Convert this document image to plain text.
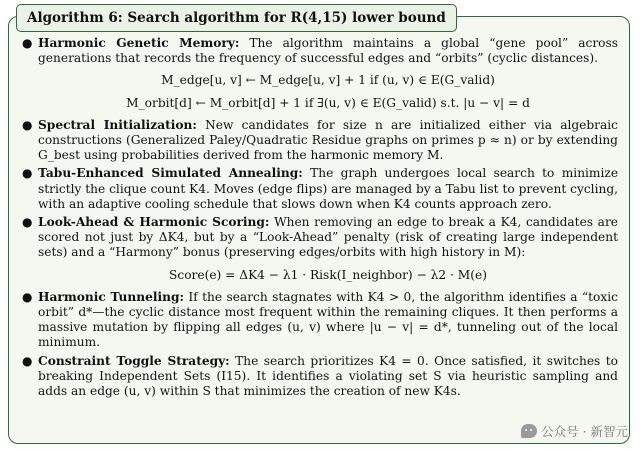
Algorithm 6: Search algorithm for R(4,15) lower bound
● Harmonic Genetic Memory: The algorithm maintains a global “gene pool” across generations that records the frequency of successful edges and “orbits” (cyclic distances).
M_edge[u, v] ← M_edge[u, v] + 1 if (u, v) ∈ E(G_valid)
M_orbit[d] ← M_orbit[d] + 1 if ∃(u, v) ∈ E(G_valid) s.t. |u − v| = d
● Spectral Initialization: New candidates for size n are initialized either via algebraic constructions (Generalized Paley/Quadratic Residue graphs on primes p ≈ n) or by extending G_best using probabilities derived from the harmonic memory M.
● Tabu-Enhanced Simulated Annealing: The graph undergoes local search to minimize strictly the clique count K4. Moves (edge flips) are managed by a Tabu list to prevent cycling, with an adaptive cooling schedule that slows down when K4 counts approach zero.
● Look-Ahead & Harmonic Scoring: When removing an edge to break a K4, candidates are scored not just by ΔK4, but by a “Look-Ahead” penalty (risk of creating large independent sets) and a “Harmony” bonus (preserving edges/orbits with high history in M):
Score(e) = ΔK4 − λ1 · Risk(I_neighbor) − λ2 · M(e)
● Harmonic Tunneling: If the search stagnates with K4 > 0, the algorithm identifies a “toxic orbit” d*—the cyclic distance most frequent within the remaining cliques. It then performs a massive mutation by flipping all edges (u, v) where |u − v| = d*, tunneling out of the local minimum.
● Constraint Toggle Strategy: The search prioritizes K4 = 0. Once satisfied, it switches to breaking Independent Sets (I15). It identifies a violating set S via heuristic sampling and adds an edge (u, v) within S that minimizes the creation of new K4s.
公众号 · 新智元
